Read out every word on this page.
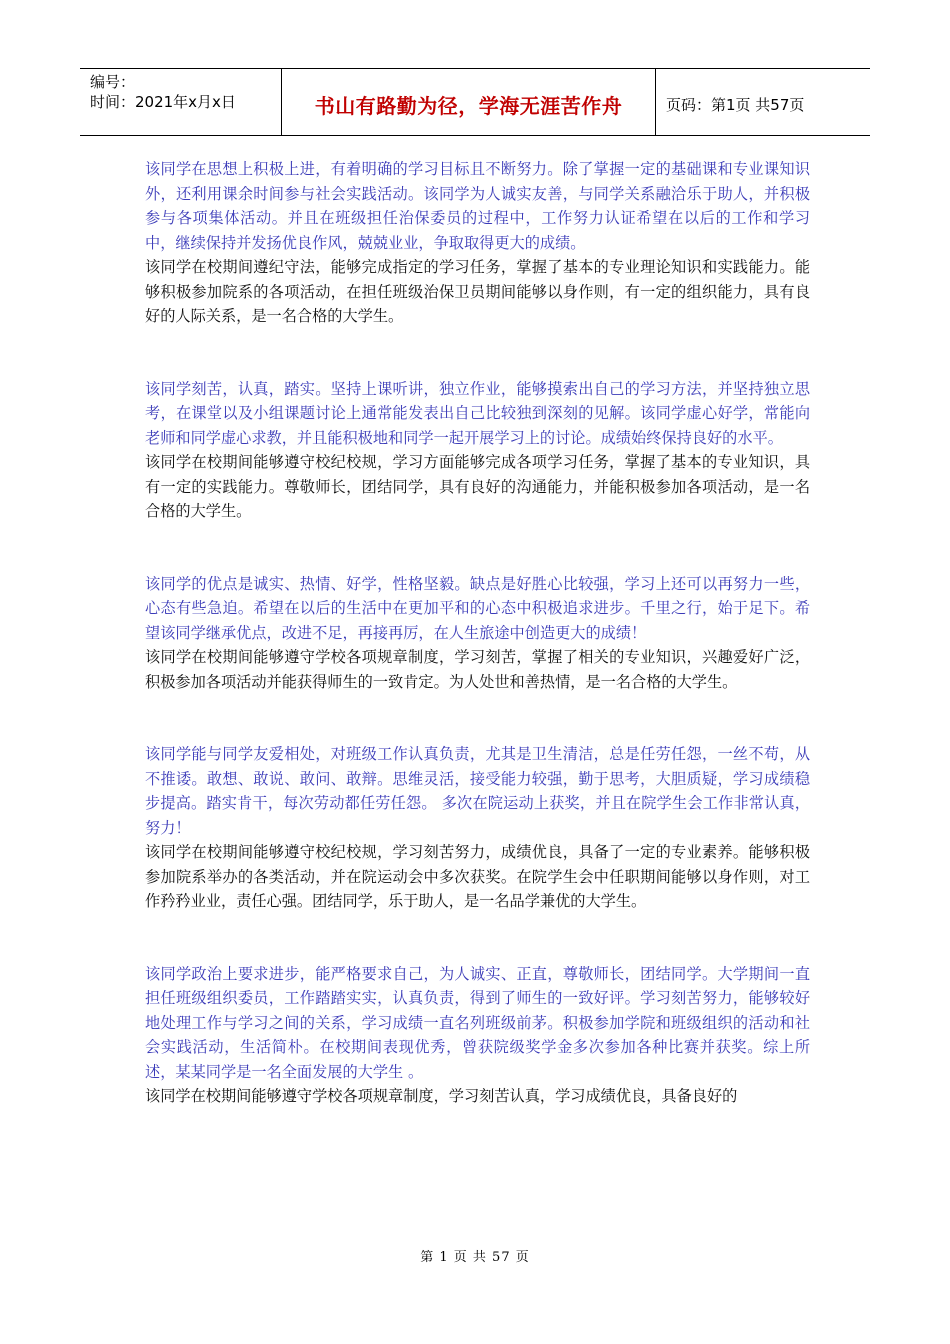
编号：
时间：2021年x月x日	书山有路勤为径，学海无涯苦作舟	页码：第1页 共57页

该同学在思想上积极上进，有着明确的学习目标且不断努力。除了掌握一定的基础课和专业课知识外，还利用课余时间参与社会实践活动。该同学为人诚实友善，与同学关系融洽乐于助人，并积极参与各项集体活动。并且在班级担任治保委员的过程中，工作努力认证希望在以后的工作和学习中，继续保持并发扬优良作风，兢兢业业，争取取得更大的成绩。

该同学在校期间遵纪守法，能够完成指定的学习任务，掌握了基本的专业理论知识和实践能力。能够积极参加院系的各项活动，在担任班级治保卫员期间能够以身作则，有一定的组织能力，具有良好的人际关系，是一名合格的大学生。

该同学刻苦，认真，踏实。坚持上课听讲，独立作业，能够摸索出自己的学习方法，并坚持独立思考，在课堂以及小组课题讨论上通常能发表出自己比较独到深刻的见解。该同学虚心好学，常能向老师和同学虚心求教，并且能积极地和同学一起开展学习上的讨论。成绩始终保持良好的水平。

该同学在校期间能够遵守校纪校规，学习方面能够完成各项学习任务，掌握了基本的专业知识，具有一定的实践能力。尊敬师长，团结同学，具有良好的沟通能力，并能积极参加各项活动，是一名合格的大学生。

该同学的优点是诚实、热情、好学，性格坚毅。缺点是好胜心比较强，学习上还可以再努力一些，心态有些急迫。希望在以后的生活中在更加平和的心态中积极追求进步。千里之行，始于足下。希望该同学继承优点，改进不足，再接再厉，在人生旅途中创造更大的成绩！

该同学在校期间能够遵守学校各项规章制度，学习刻苦，掌握了相关的专业知识，兴趣爱好广泛，积极参加各项活动并能获得师生的一致肯定。为人处世和善热情，是一名合格的大学生。

该同学能与同学友爱相处，对班级工作认真负责，尤其是卫生清洁，总是任劳任怨，一丝不苟，从不推诿。敢想、敢说、敢问、敢辩。思维灵活，接受能力较强，勤于思考，大胆质疑，学习成绩稳步提高。踏实肯干，每次劳动都任劳任怨。 多次在院运动上获奖，并且在院学生会工作非常认真，努力！

该同学在校期间能够遵守校纪校规，学习刻苦努力，成绩优良，具备了一定的专业素养。能够积极参加院系举办的各类活动，并在院运动会中多次获奖。在院学生会中任职期间能够以身作则，对工作矜矜业业，责任心强。团结同学，乐于助人，是一名品学兼优的大学生。

该同学政治上要求进步，能严格要求自己，为人诚实、正直，尊敬师长，团结同学。大学期间一直担任班级组织委员，工作踏踏实实，认真负责，得到了师生的一致好评。学习刻苦努力，能够较好地处理工作与学习之间的关系，学习成绩一直名列班级前茅。积极参加学院和班级组织的活动和社会实践活动，生活简朴。在校期间表现优秀，曾获院级奖学金多次参加各种比赛并获奖。综上所述，某某同学是一名全面发展的大学生 。

该同学在校期间能够遵守学校各项规章制度，学习刻苦认真，学习成绩优良，具备良好的

第 1 页 共 57 页
